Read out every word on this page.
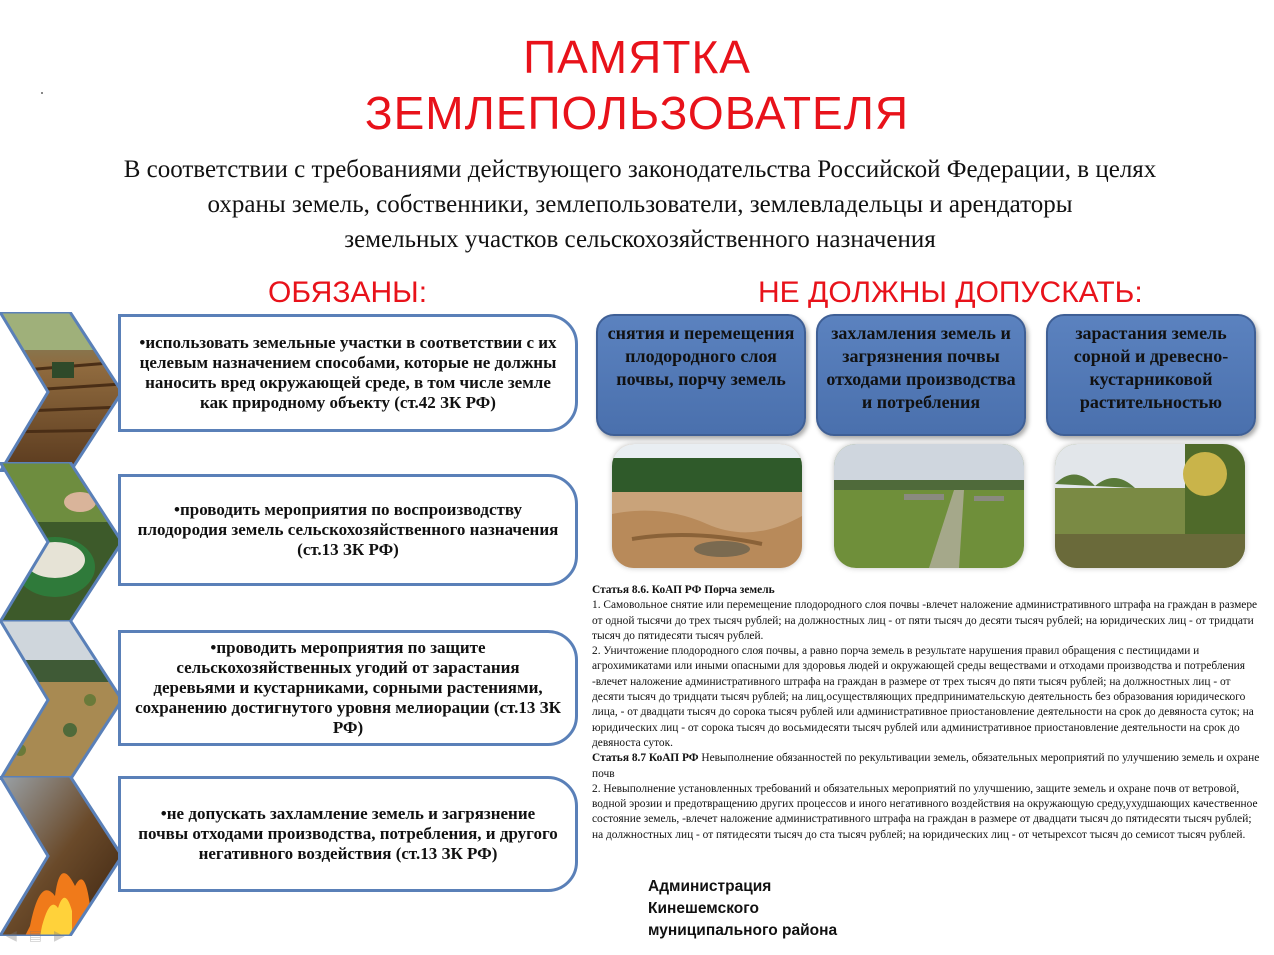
ПАМЯТКА
ЗЕМЛЕПОЛЬЗОВАТЕЛЯ
В соответствии с требованиями действующего законодательства Российской Федерации, в целях
охраны земель, собственники, землепользователи, землевладельцы и арендаторы
земельных участков сельскохозяйственного назначения
ОБЯЗАНЫ:	НЕ ДОЛЖНЫ ДОПУСКАТЬ:
•использовать земельные участки в соответствии с их целевым назначением способами, которые не должны наносить вред окружающей среде, в том числе земле как природному объекту (ст.42 ЗК РФ)
•проводить мероприятия по воспроизводству плодородия земель сельскохозяйственного назначения (ст.13 ЗК РФ)
•проводить мероприятия по защите сельскохозяйственных угодий от зарастания деревьями и кустарниками, сорными растениями, сохранению достигнутого уровня мелиорации (ст.13 ЗК РФ)
•не допускать захламление земель и загрязнение почвы отходами производства, потребления, и другого негативного воздействия (ст.13 ЗК РФ)
снятия и перемещения плодородного слоя почвы, порчу земель
захламления земель и загрязнения почвы отходами производства и потребления
зарастания земель сорной и древесно-кустарниковой растительностью

Статья 8.6. КоАП РФ Порча земель

1. Самовольное снятие или перемещение плодородного слоя почвы -влечет наложение административного штрафа на граждан в размере от одной тысячи до трех тысяч рублей; на должностных лиц - от пяти тысяч до десяти тысяч рублей; на юридических лиц - от тридцати тысяч до пятидесяти тысяч рублей.

2. Уничтожение плодородного слоя почвы, а равно порча земель в результате нарушения правил обращения с пестицидами и агрохимикатами или иными опасными для здоровья людей и окружающей среды веществами и отходами производства и потребления -влечет наложение административного штрафа на граждан в размере от трех тысяч до пяти тысяч рублей; на должностных лиц - от десяти тысяч до тридцати тысяч рублей; на лиц,осуществляющих предпринимательскую деятельность без образования юридического лица, - от двадцати тысяч до сорока тысяч рублей или административное приостановление деятельности на срок до девяноста суток; на юридических лиц - от сорока тысяч до восьмидесяти тысяч рублей или административное приостановление деятельности на срок до девяноста суток.

Статья 8.7 КоАП РФ Невыполнение обязанностей по рекультивации земель, обязательных мероприятий по улучшению земель и охране почв

2. Невыполнение установленных требований и обязательных мероприятий по улучшению, защите земель и охране почв от ветровой, водной эрозии и предотвращению других процессов и иного негативного воздействия на окружающую среду,ухудшающих качественное состояние земель, -влечет наложение административного штрафа на граждан в размере от двадцати тысяч до пятидесяти тысяч рублей; на должностных лиц - от пятидесяти тысяч до ста тысяч рублей; на юридических лиц - от четырехсот тысяч до семисот тысяч рублей.

Администрация
Кинешемского
муниципального района
◀ ▤ ▶
